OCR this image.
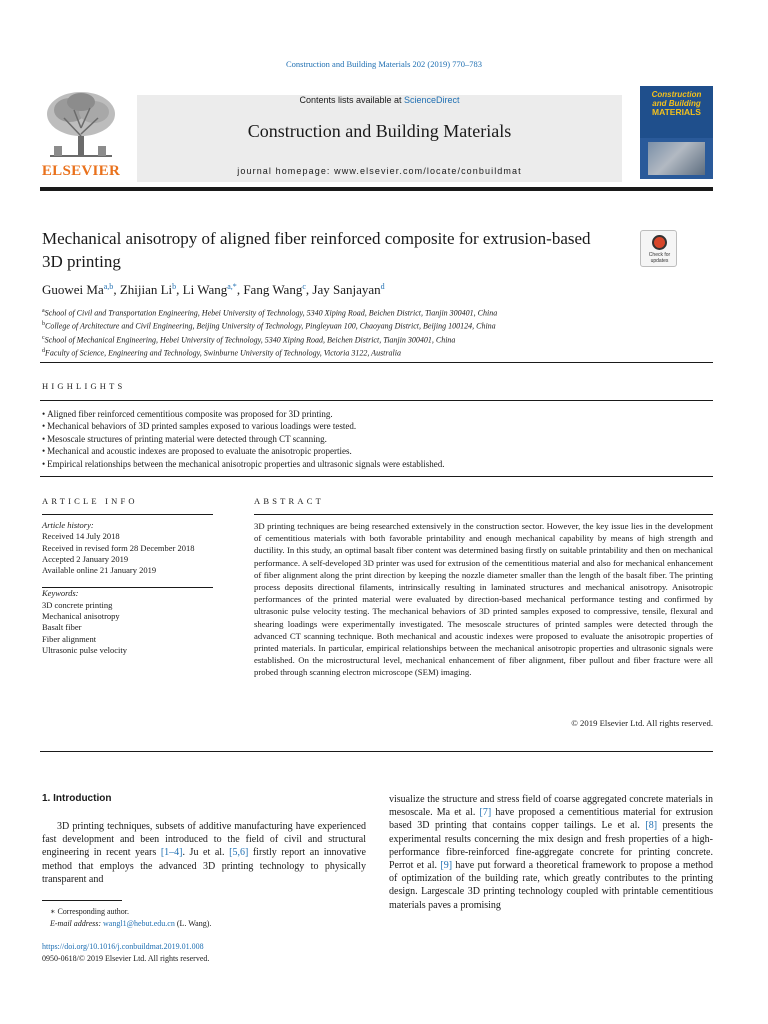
Construction and Building Materials 202 (2019) 770–783
ELSEVIER
Contents lists available at ScienceDirect
Construction and Building Materials
journal homepage: www.elsevier.com/locate/conbuildmat
Construction
and Building
MATERIALS
Mechanical anisotropy of aligned fiber reinforced composite for extrusion-based 3D printing	Check for updates
Guowei Ma$^{a,b}$, Zhijian Li$^b$, Li Wang$^{a,*}$, Fang Wang$^c$, Jay Sanjayan$^d$
$^a$School of Civil and Transportation Engineering, Hebei University of Technology, 5340 Xiping Road, Beichen District, Tianjin 300401, China
$^b$College of Architecture and Civil Engineering, Beijing University of Technology, Pingleyuan 100, Chaoyang District, Beijing 100124, China
$^c$School of Mechanical Engineering, Hebei University of Technology, 5340 Xiping Road, Beichen District, Tianjin 300401, China
$^d$Faculty of Science, Engineering and Technology, Swinburne University of Technology, Victoria 3122, Australia
HIGHLIGHTS
• Aligned fiber reinforced cementitious composite was proposed for 3D printing.
• Mechanical behaviors of 3D printed samples exposed to various loadings were tested.
• Mesoscale structures of printing material were detected through CT scanning.
• Mechanical and acoustic indexes are proposed to evaluate the anisotropic properties.
• Empirical relationships between the mechanical anisotropic properties and ultrasonic signals were established.
ARTICLE INFO	ABSTRACT
Article history:
Received 14 July 2018
Received in revised form 28 December 2018
Accepted 2 January 2019
Available online 21 January 2019
Keywords:
3D concrete printing
Mechanical anisotropy
Basalt fiber
Fiber alignment
Ultrasonic pulse velocity
3D printing techniques are being researched extensively in the construction sector. However, the key issue lies in the development of cementitious materials with both favorable printability and enough mechanical capability by means of high strength and ductility. In this study, an optimal basalt fiber content was determined basing firstly on suitable printability and then on mechanical performance. A self-developed 3D printer was used for extrusion of the cementitious material and also for mechanical enhancement of fiber alignment along the print direction by keeping the nozzle diameter smaller than the length of the basalt fiber. The printing process deposits directional filaments, intrinsically resulting in laminated structures and mechanical anisotropy. Anisotropic performances of the printed material were evaluated by direction-based mechanical performance testing and confirmed by ultrasonic pulse velocity testing. The mechanical behaviors of 3D printed samples exposed to compressive, tensile, flexural and shearing loadings were experimentally investigated. The mesoscale structures of printed samples were detected through the advanced CT scanning technique. Both mechanical and acoustic indexes were proposed to evaluate the anisotropic properties of printed materials. In particular, empirical relationships between the mechanical anisotropic properties and ultrasonic signals were established. On the microstructural level, mechanical enhancement of fiber alignment, fiber pullout and fiber fracture were all probed through scanning electron microscope (SEM) imaging.
© 2019 Elsevier Ltd. All rights reserved.
1. Introduction
3D printing techniques, subsets of additive manufacturing have experienced fast development and been introduced to the field of civil and structural engineering in recent years [1–4]. Ju et al. [5,6] firstly report an innovative method that employs the advanced 3D printing technology to physically transparent and
visualize the structure and stress field of coarse aggregated concrete materials in mesoscale. Ma et al. [7] have proposed a cementitious material for extrusion based 3D printing that contains copper tailings. Le et al. [8] presents the experimental results concerning the mix design and fresh properties of a high-performance fibre-reinforced fine-aggregate concrete for printing concrete. Perrot et al. [9] have put forward a theoretical framework to propose a method of optimization of the building rate, which greatly contributes to the printing design. Largescale 3D printing technology coupled with printable cementitious materials paves a promising
∗ Corresponding author.
E-mail address: wangl1@hebut.edu.cn (L. Wang).
https://doi.org/10.1016/j.conbuildmat.2019.01.008
0950-0618/© 2019 Elsevier Ltd. All rights reserved.
